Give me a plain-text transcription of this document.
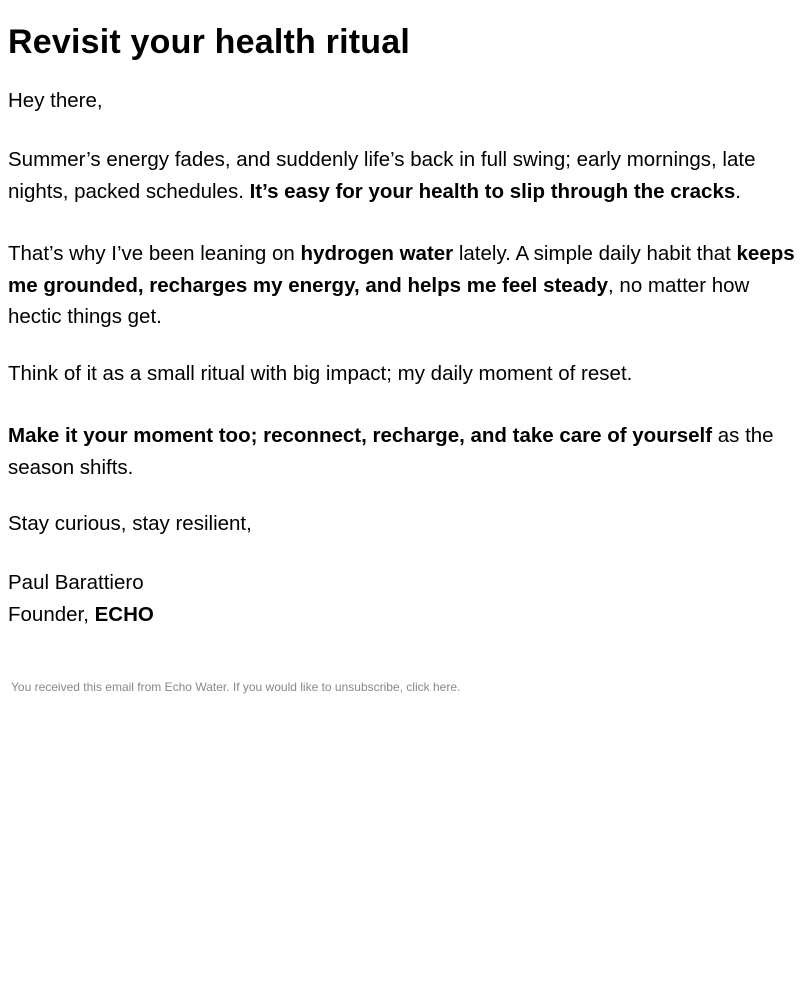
Revisit your health ritual

Hey there,

Summer’s energy fades, and suddenly life’s back in full swing; early mornings, late nights, packed schedules. It’s easy for your health to slip through the cracks.

That’s why I’ve been leaning on hydrogen water lately. A simple daily habit that keeps me grounded, recharges my energy, and helps me feel steady, no matter how hectic things get.

Think of it as a small ritual with big impact; my daily moment of reset.

Make it your moment too; reconnect, recharge, and take care of yourself as the season shifts.

Stay curious, stay resilient,

Paul Barattiero
Founder, ECHO

You received this email from Echo Water. If you would like to unsubscribe, click here.
